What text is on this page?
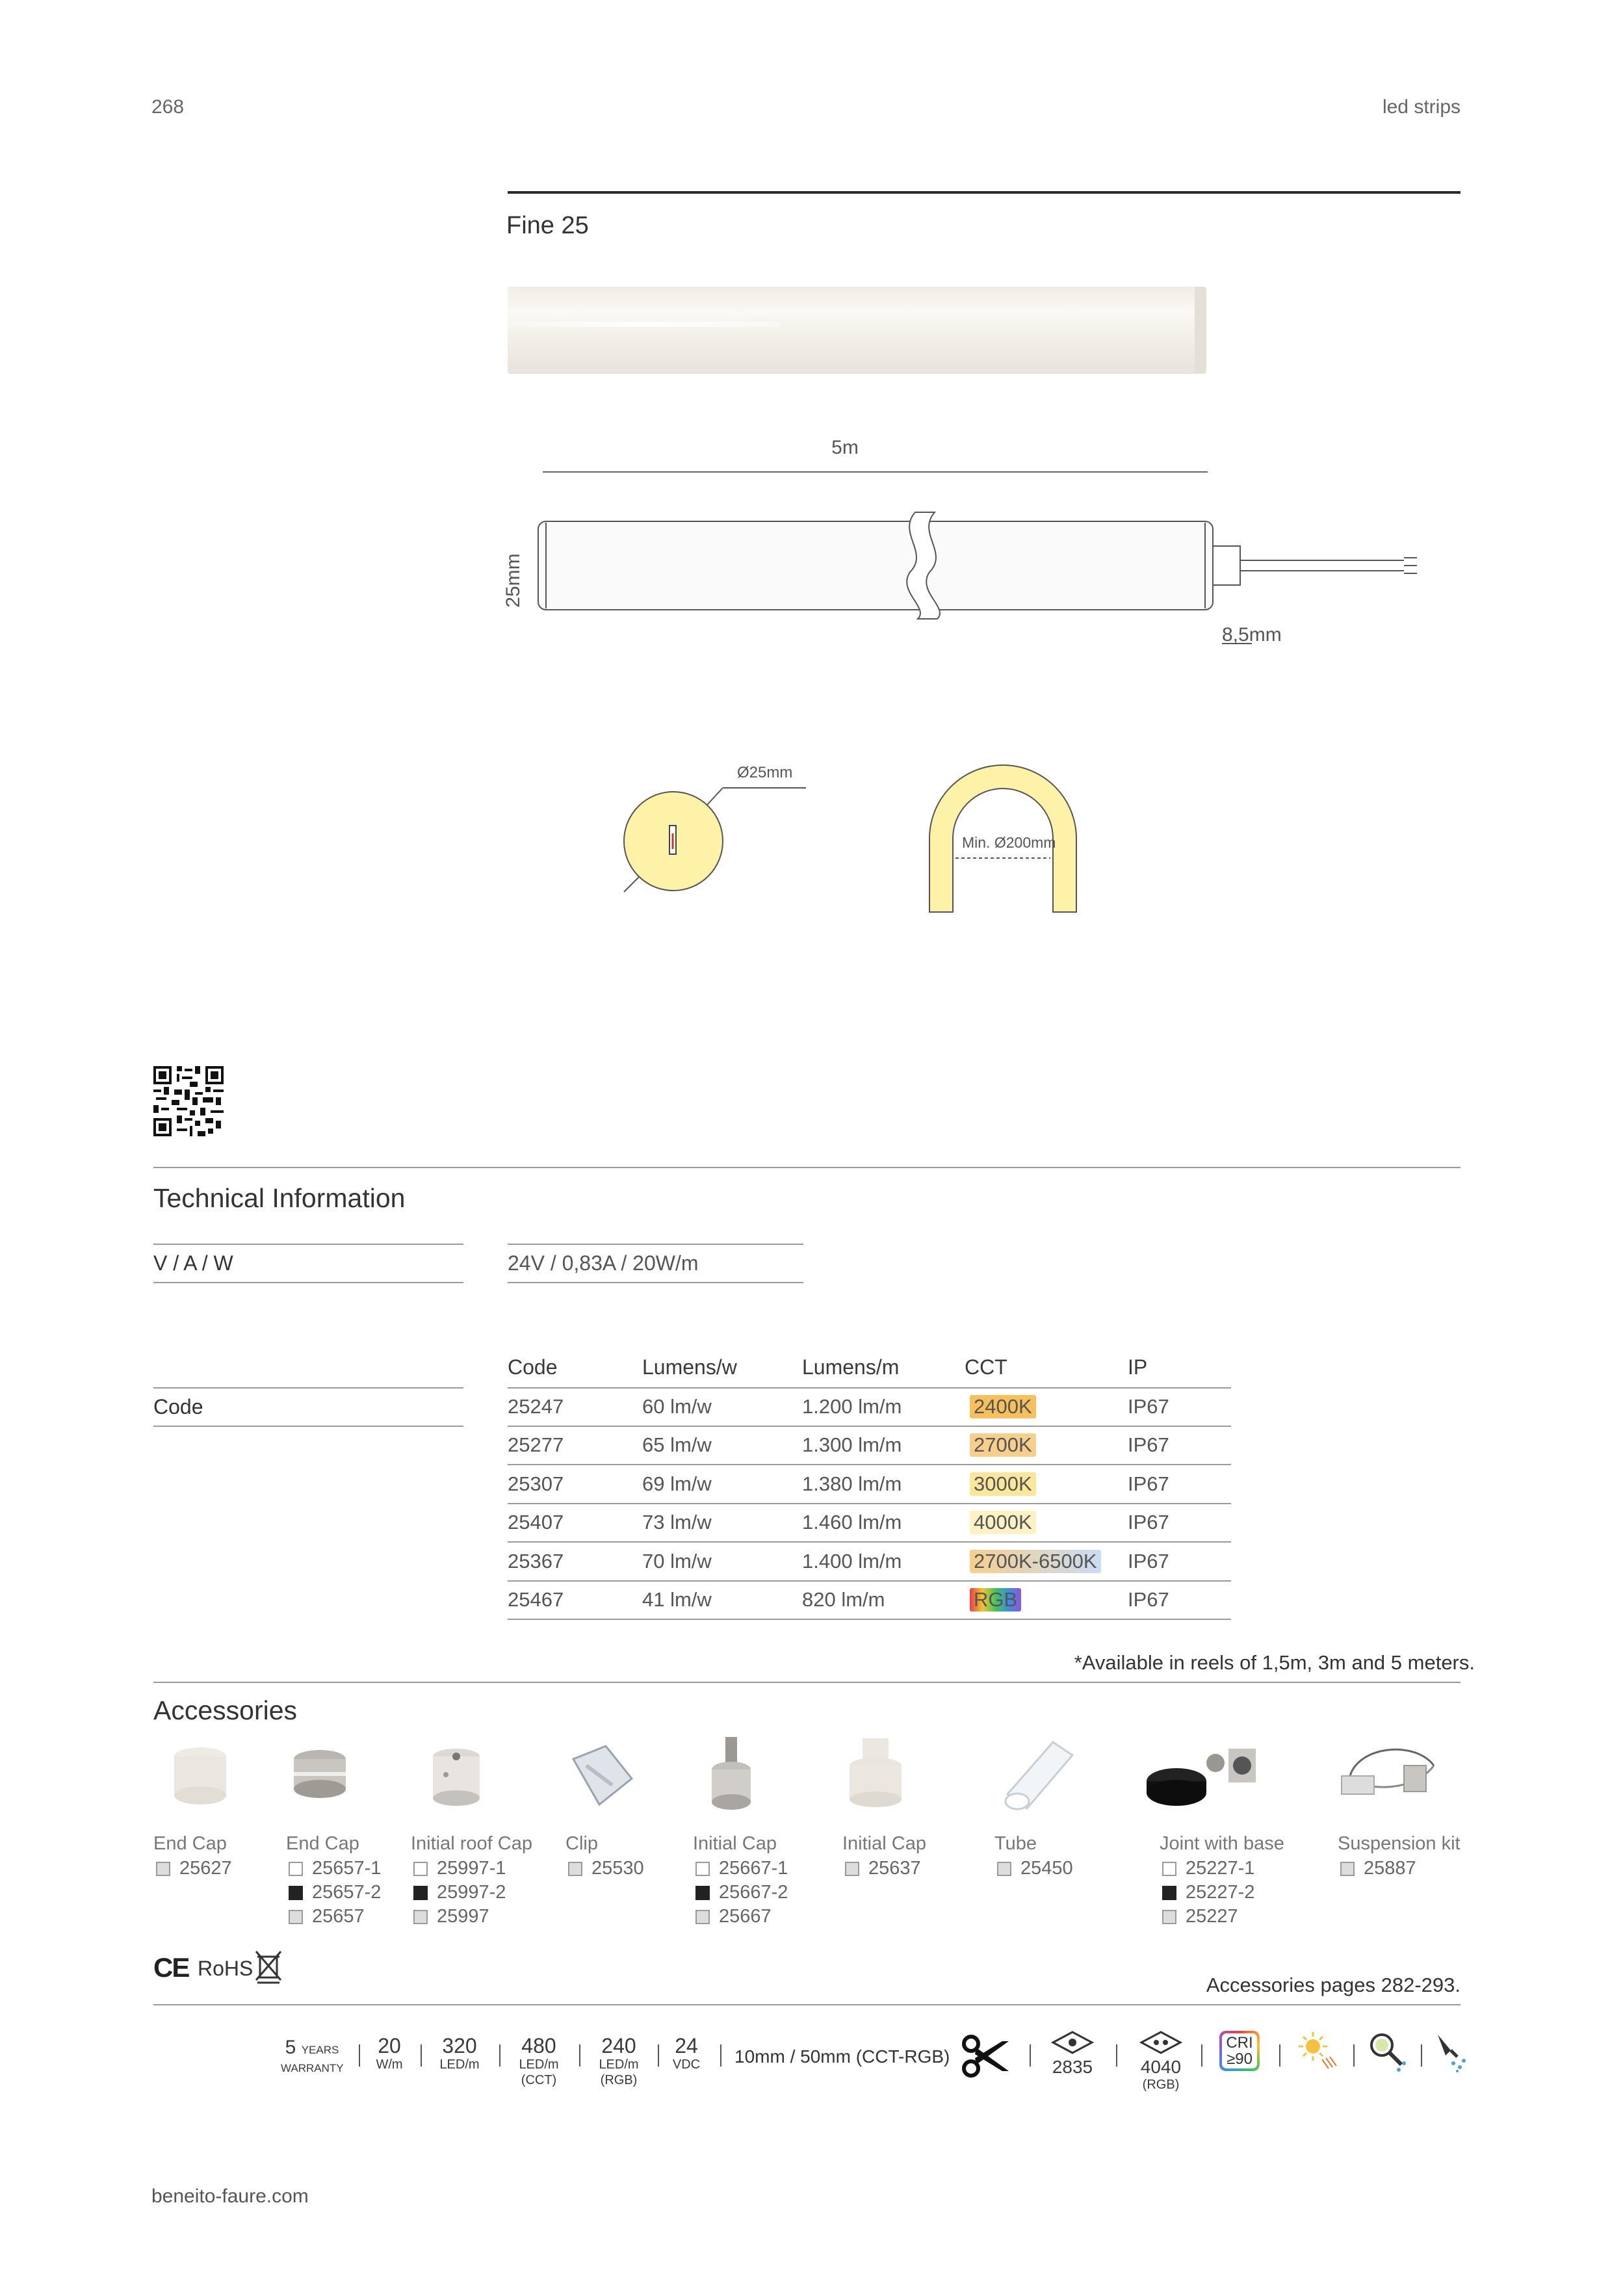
268	led strips
Fine 25
5m
25mm
8,5mm
Ø25mm
Min. Ø200mm
Technical Information
V / A / W	24V / 0,83A / 20W/m
Code
Code	Lumens/w	Lumens/m	CCT	IP
25247	60 lm/w	1.200 lm/m	2400K	IP67
25277	65 lm/w	1.300 lm/m	2700K	IP67
25307	69 lm/w	1.380 lm/m	3000K	IP67
25407	73 lm/w	1.460 lm/m	4000K	IP67
25367	70 lm/w	1.400 lm/m	2700K-6500K IP67
25467	41 lm/w	820 lm/m	RGB	IP67
*Available in reels of 1,5m, 3m and 5 meters.
Accessories
End Cap
25627
End Cap
25657-1
25657-2
25657
Initial roof Cap
25997-1
25997-2
25997
Clip
25530
Initial Cap
25667-1
25667-2
25667
Initial Cap
25637
Tube
25450
Joint with base
25227-1
25227-2
25227
Suspension kit
25887
CE RoHS
Accessories pages 282-293.
5 YEARS
WARRANTY
20
W/m
320
LED/m
480
LED/m
(CCT)
240
LED/m
(RGB)
24
VDC	10mm / 50mm (CCT-RGB)
2835	4040
(RGB)
CRI
≥90
beneito-faure.com
